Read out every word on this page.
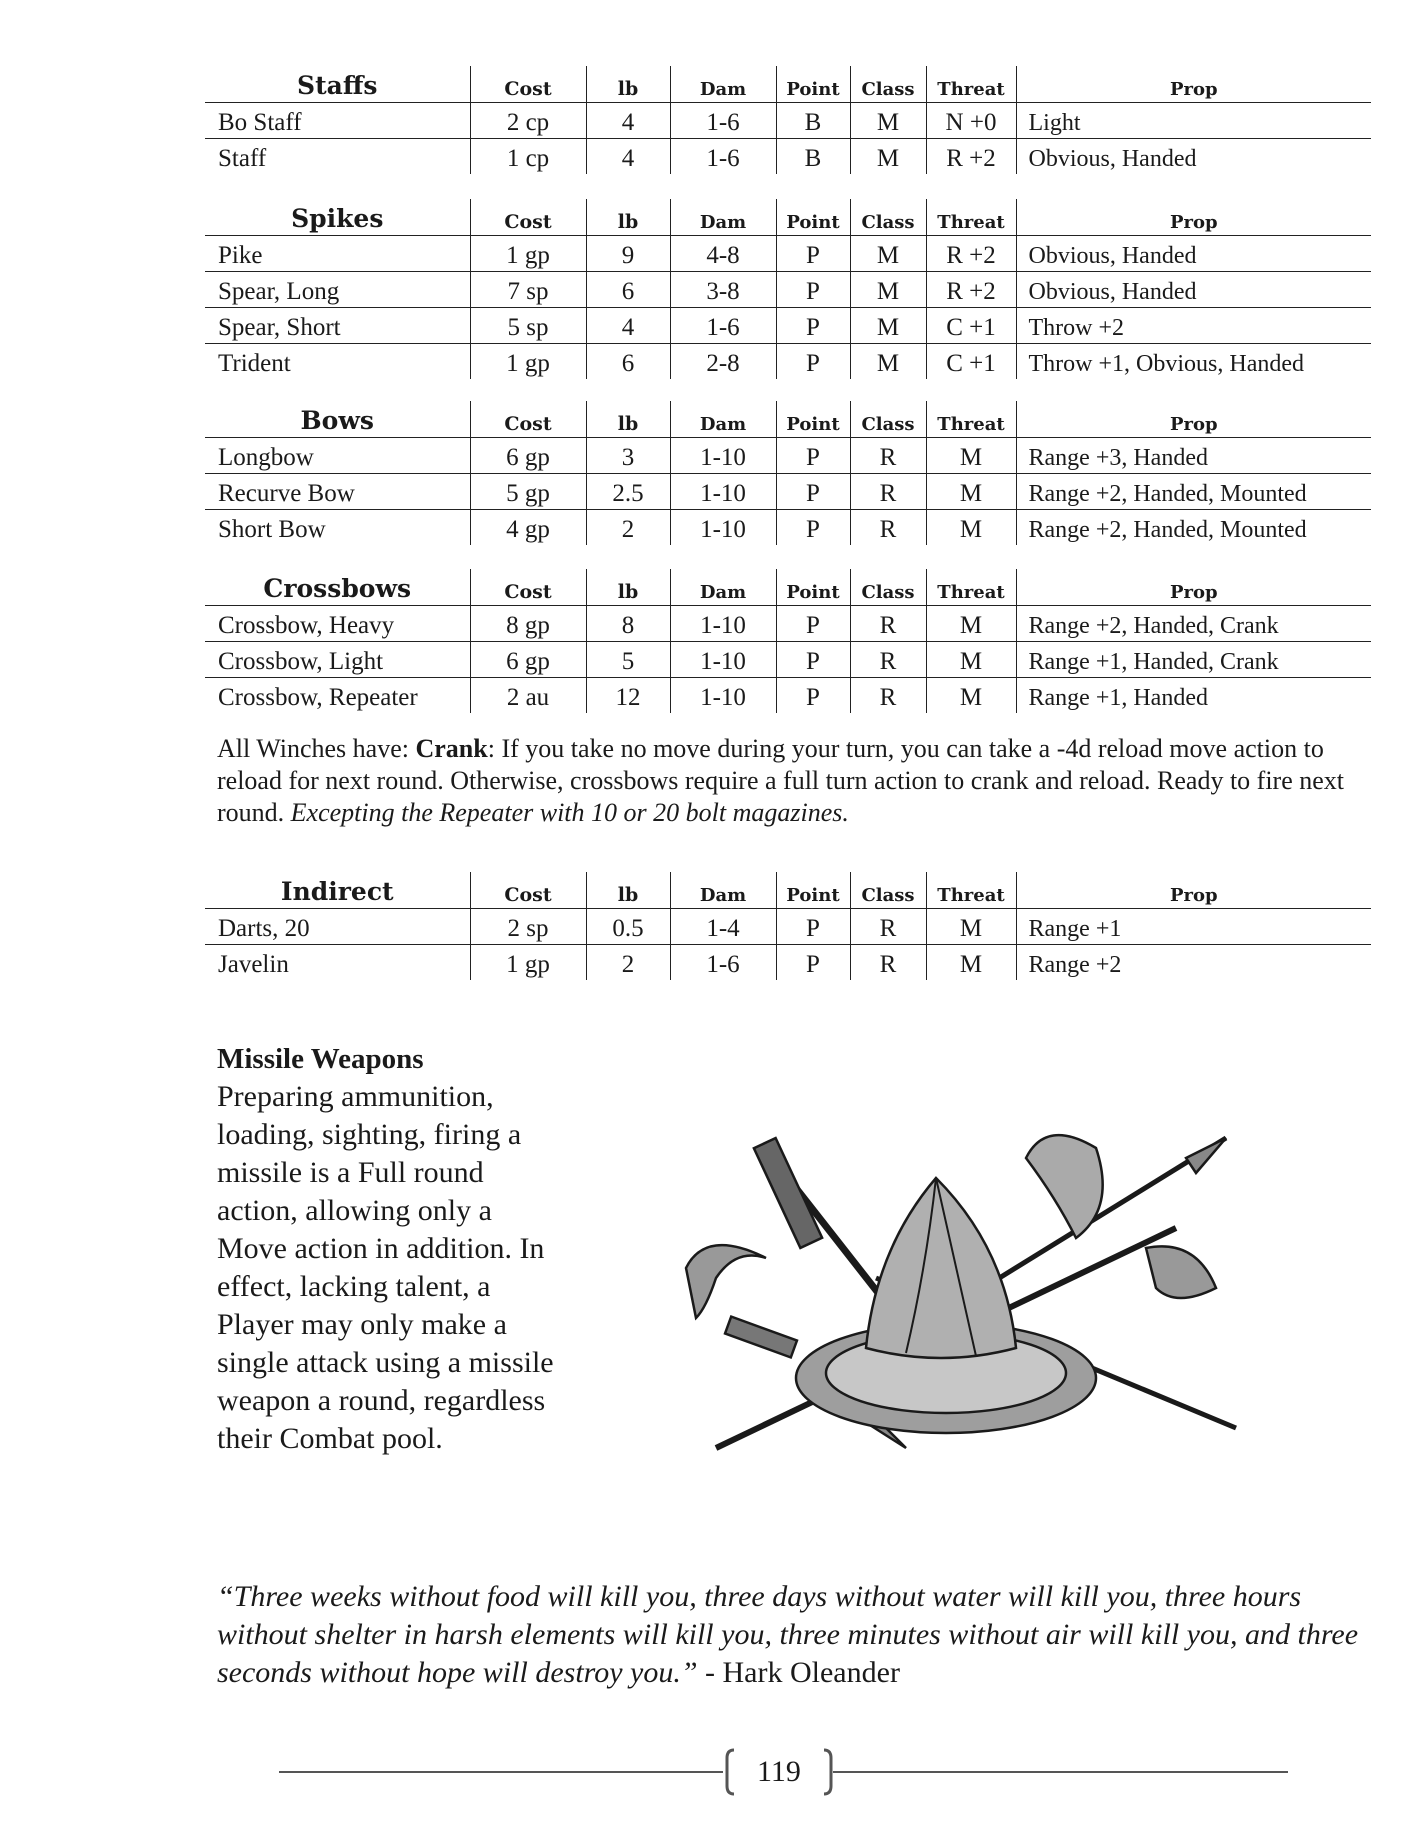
Staffs	Cost	lb	Dam	Point	Class	Threat	Prop
Bo Staff	2 cp	4	1-6	B	M	N +0	Light
Staff	1 cp	4	1-6	B	M	R +2	Obvious, Handed
Spikes	Cost	lb	Dam	Point	Class	Threat	Prop
Pike	1 gp	9	4-8	P	M	R +2	Obvious, Handed
Spear, Long	7 sp	6	3-8	P	M	R +2	Obvious, Handed
Spear, Short	5 sp	4	1-6	P	M	C +1	Throw +2
Trident	1 gp	6	2-8	P	M	C +1	Throw +1, Obvious, Handed
Bows	Cost	lb	Dam	Point	Class	Threat	Prop
Longbow	6 gp	3	1-10	P	R	M	Range +3, Handed
Recurve Bow	5 gp	2.5	1-10	P	R	M	Range +2, Handed, Mounted
Short Bow	4 gp	2	1-10	P	R	M	Range +2, Handed, Mounted
Crossbows	Cost	lb	Dam	Point	Class	Threat	Prop
Crossbow, Heavy	8 gp	8	1-10	P	R	M	Range +2, Handed, Crank
Crossbow, Light	6 gp	5	1-10	P	R	M	Range +1, Handed, Crank
Crossbow, Repeater	2 au	12	1-10	P	R	M	Range +1, Handed

All Winches have: Crank: If you take no move during your turn, you can take a -4d reload move action to reload for next round. Otherwise, crossbows require a full turn action to crank and reload. Ready to fire next round. Excepting the Repeater with 10 or 20 bolt magazines.

Indirect	Cost	lb	Dam	Point	Class	Threat	Prop
Darts, 20	2 sp	0.5	1-4	P	R	M	Range +1
Javelin	1 gp	2	1-6	P	R	M	Range +2
Missile Weapons

Preparing ammunition, loading, sighting, firing a missile is a Full round action, allowing only a Move action in addition. In effect, lacking talent, a Player may only make a single attack using a missile weapon a round, regardless their Combat pool.

“Three weeks without food will kill you, three days without water will kill you, three hours without shelter in harsh elements will kill you, three minutes without air will kill you, and three seconds without hope will destroy you.” - Hark Oleander

119
